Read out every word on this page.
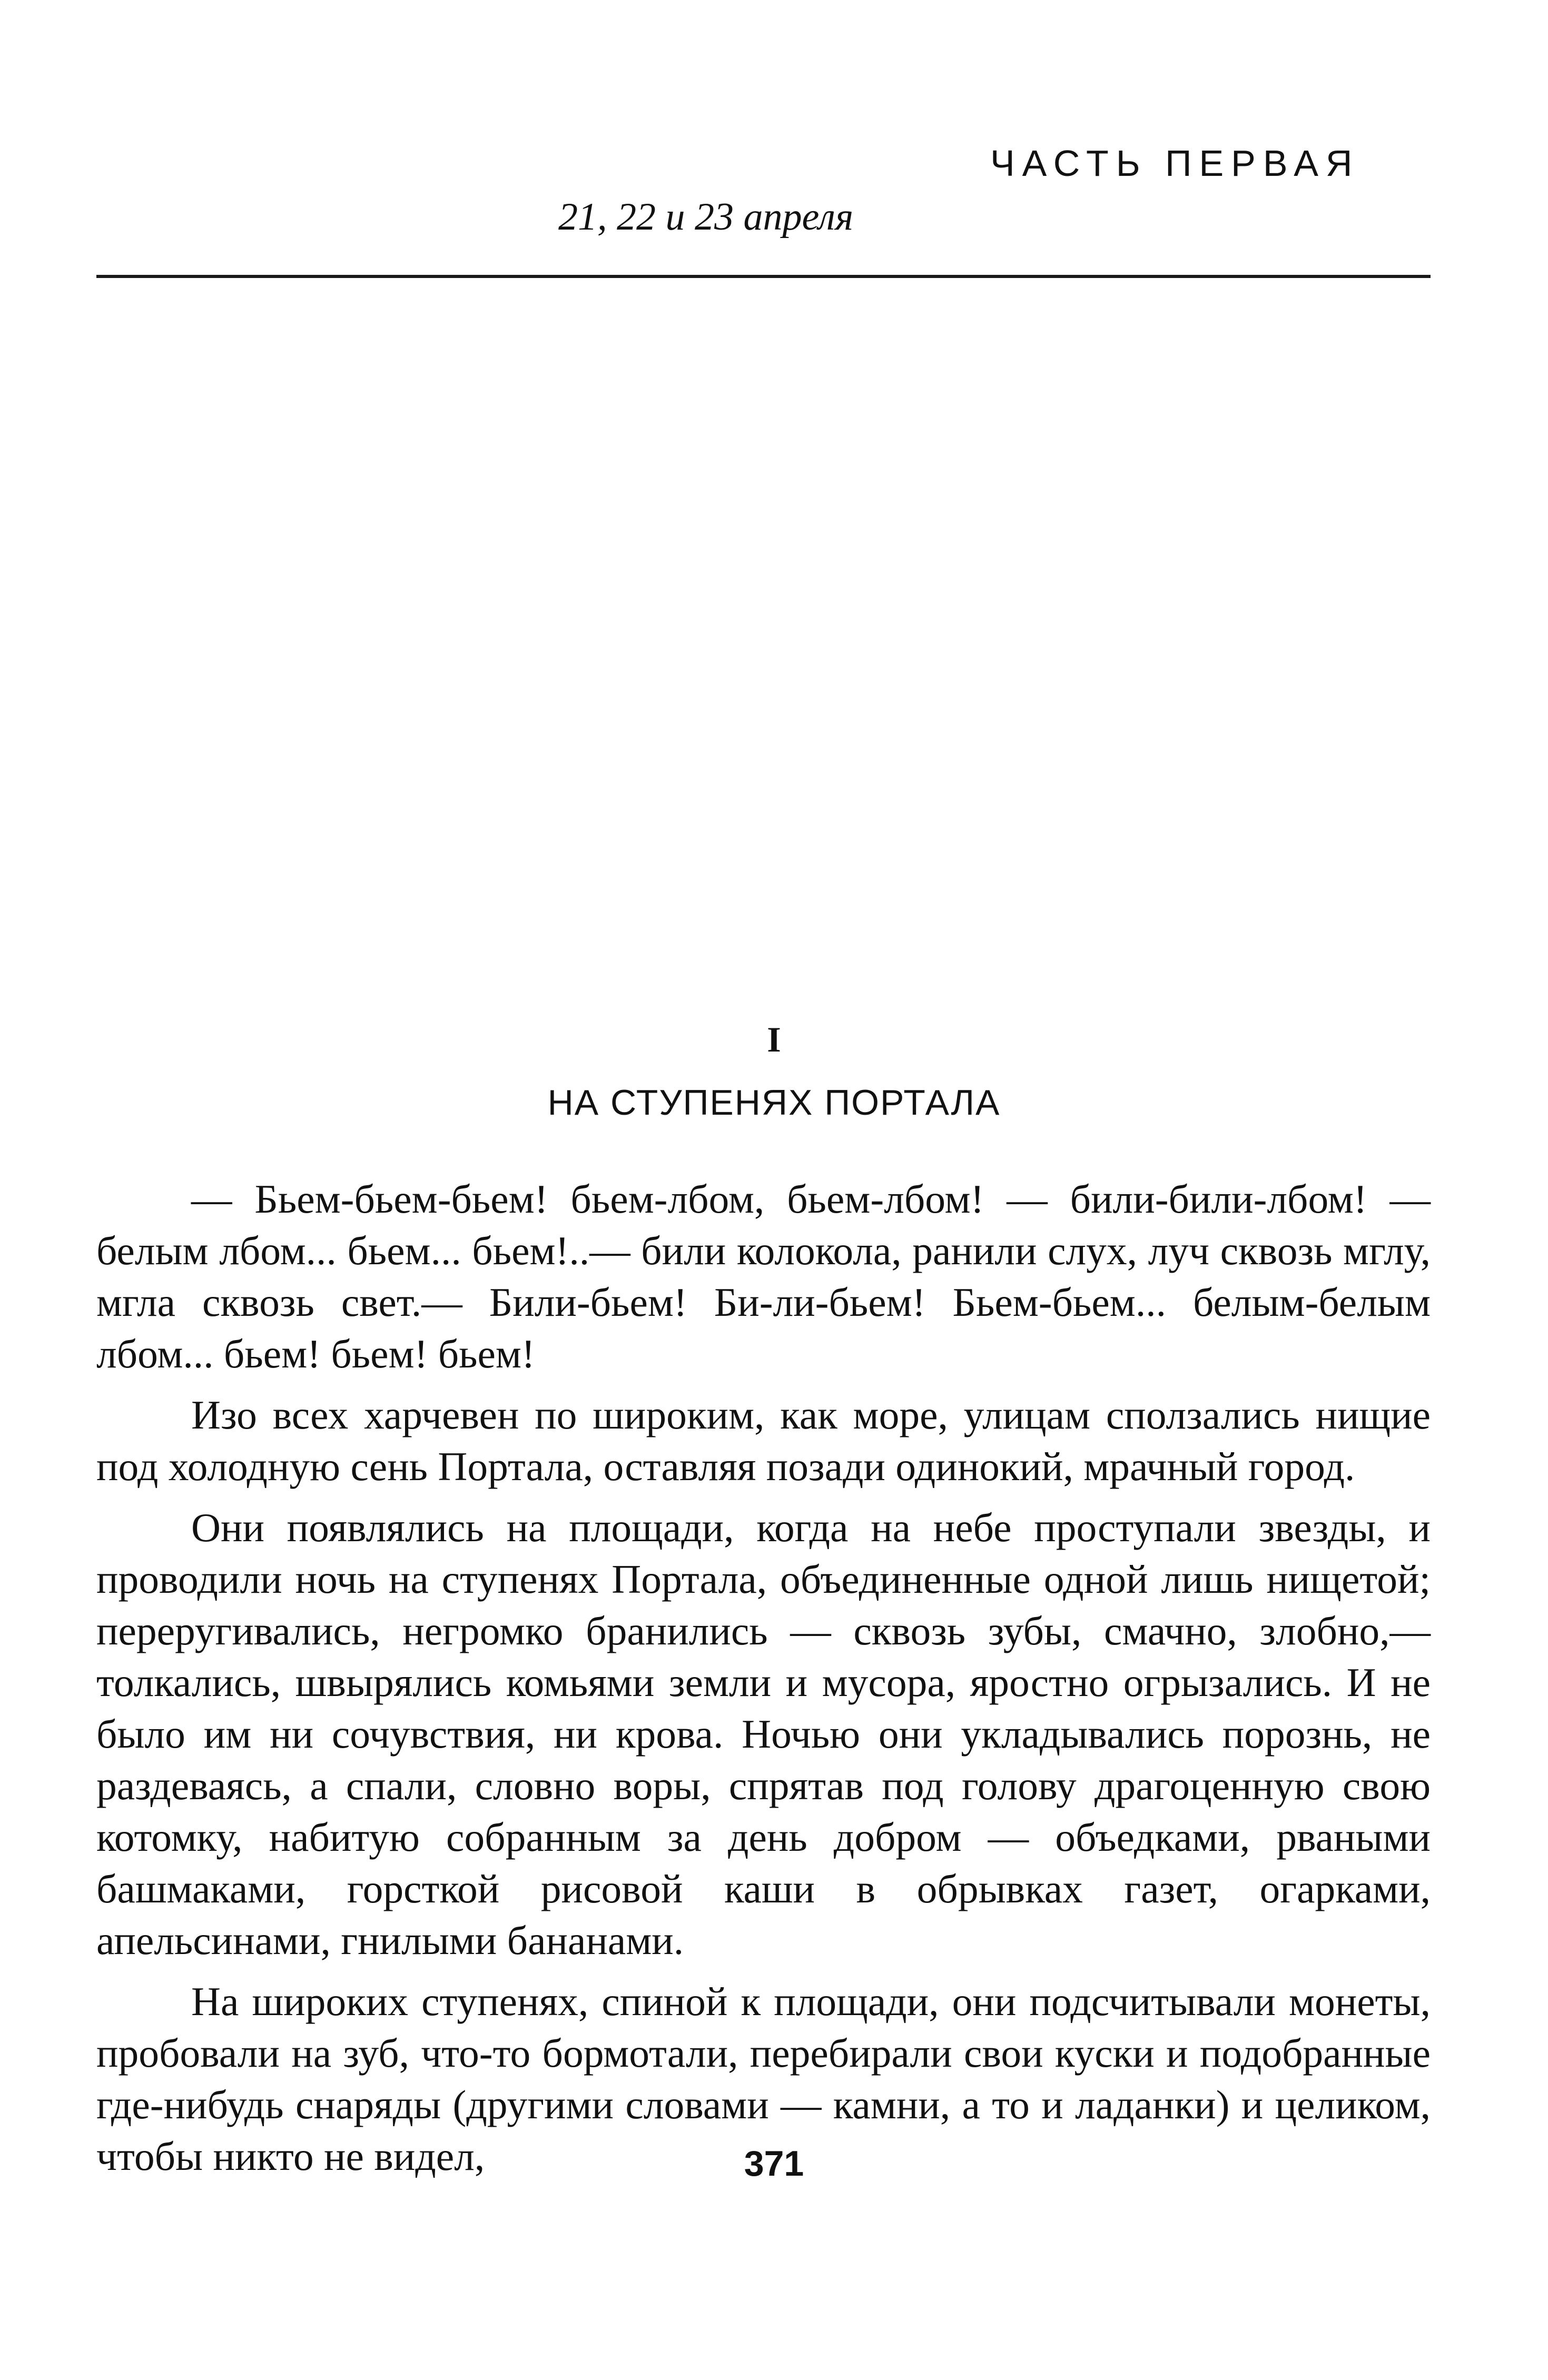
ЧАСТЬ ПЕРВАЯ
21, 22 и 23 апреля
I
НА СТУПЕНЯХ ПОРТАЛА

— Бьем-бьем-бьем! бьем-лбом, бьем-лбом! — били-били-лбом! — белым лбом... бьем... бьем!..— били колокола, ранили слух, луч сквозь мглу, мгла сквозь свет.— Били-бьем! Би-ли-бьем! Бьем-бьем... белым-белым лбом... бьем! бьем! бьем!

Изо всех харчевен по широким, как море, улицам сползались нищие под холодную сень Портала, оставляя позади одинокий, мрачный город.

Они появлялись на площади, когда на небе проступали звезды, и проводили ночь на ступенях Портала, объединенные одной лишь нищетой; переругивались, негромко бранились — сквозь зубы, смачно, злобно,— толкались, швырялись комьями земли и мусора, яростно огрызались. И не было им ни сочувствия, ни крова. Ночью они укладывались порознь, не раздеваясь, а спали, словно воры, спрятав под голову драгоценную свою котомку, набитую собранным за день добром — объедками, рваными башмаками, горсткой рисовой каши в обрывках газет, огарками, апельсинами, гнилыми бананами.

На широких ступенях, спиной к площади, они подсчитывали монеты, пробовали на зуб, что-то бормотали, перебирали свои куски и подобранные где-нибудь снаряды (другими словами — камни, а то и ладанки) и целиком, чтобы никто не видел,	371
